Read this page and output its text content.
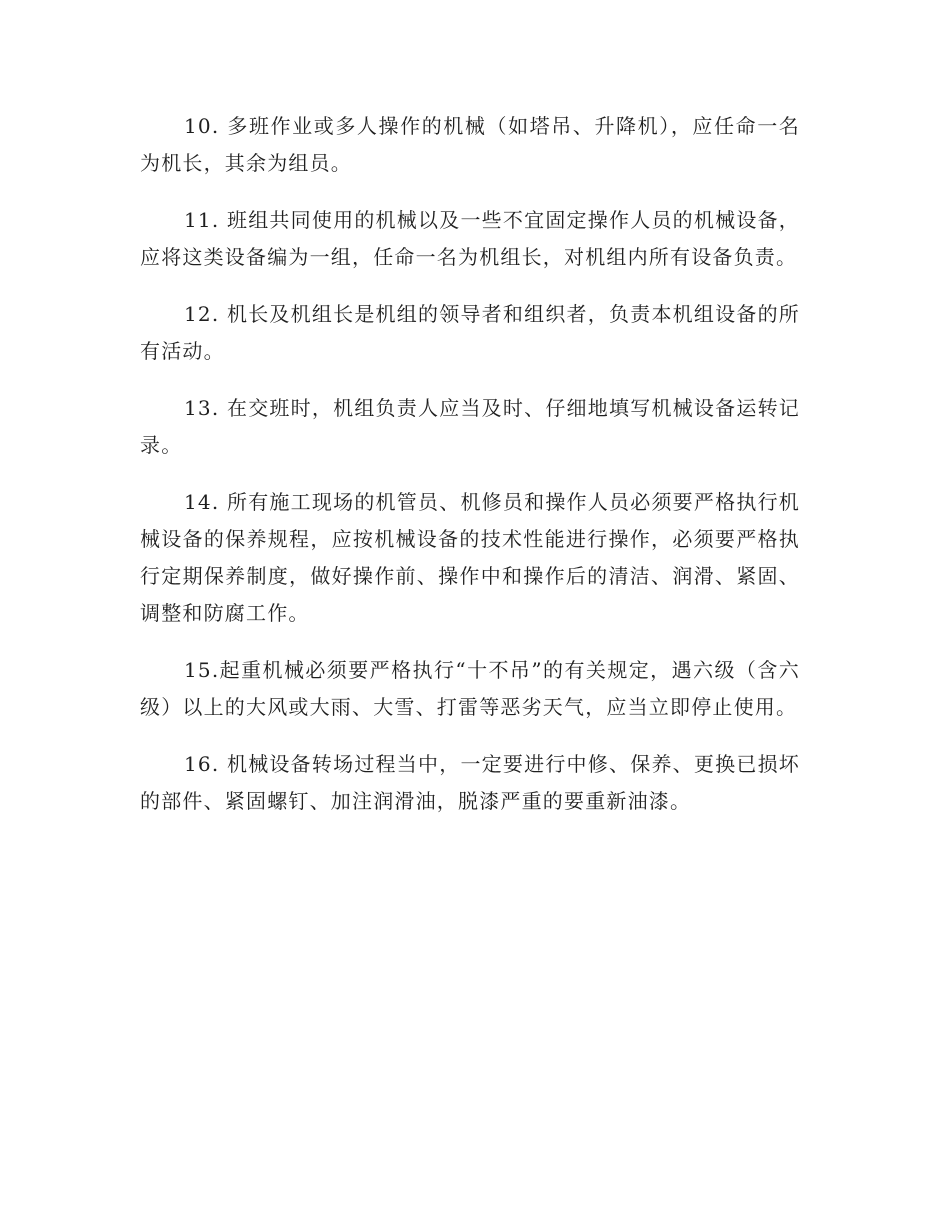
10. 多班作业或多人操作的机械（如塔吊、升降机），应任命一名为机长，其余为组员。

11. 班组共同使用的机械以及一些不宜固定操作人员的机械设备，应将这类设备编为一组，任命一名为机组长，对机组内所有设备负责。

12. 机长及机组长是机组的领导者和组织者，负责本机组设备的所有活动。

13. 在交班时，机组负责人应当及时、仔细地填写机械设备运转记录。

14. 所有施工现场的机管员、机修员和操作人员必须要严格执行机械设备的保养规程，应按机械设备的技术性能进行操作，必须要严格执行定期保养制度，做好操作前、操作中和操作后的清洁、润滑、紧固、调整和防腐工作。

15.起重机械必须要严格执行“十不吊”的有关规定，遇六级（含六级）以上的大风或大雨、大雪、打雷等恶劣天气，应当立即停止使用。

16. 机械设备转场过程当中，一定要进行中修、保养、更换已损坏的部件、紧固螺钉、加注润滑油，脱漆严重的要重新油漆。
